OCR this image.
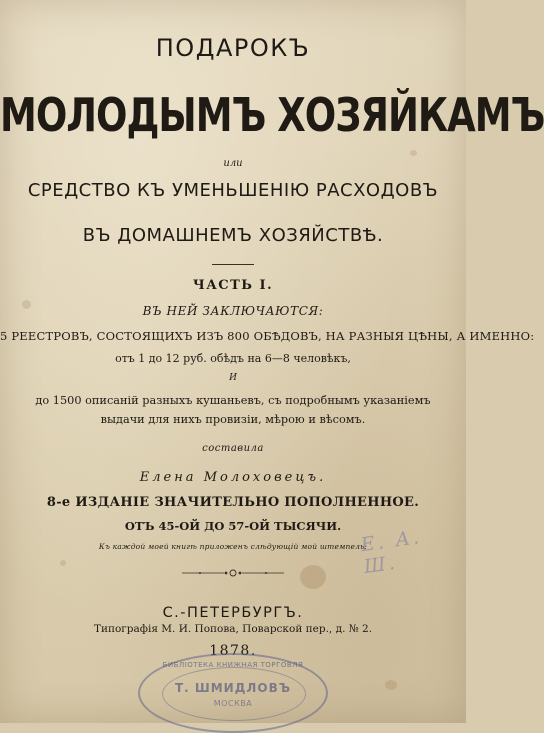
ПОДАРОКЪ
МОЛОДЫМЪ ХОЗЯЙКАМЪ
или
СРЕДСТВО КЪ УМЕНЬШЕНІЮ РАСХОДОВЪ
ВЪ ДОМАШНЕМЪ ХОЗЯЙСТВѢ.
ЧАСТЬ I.
ВЪ НЕЙ ЗАКЛЮЧАЮТСЯ:
5 РЕЕСТРОВЪ, СОСТОЯЩИХЪ ИЗЪ 800 ОБѢДОВЪ, НА РАЗНЫЯ ЦѢНЫ, А ИМЕННО:
отъ 1 до 12 руб. обѣдъ на 6—8 человѣкъ,
И
до 1500 описаній разныхъ кушаньевъ, съ подробнымъ указаніемъ
выдачи для нихъ провизіи, мѣрою и вѣсомъ.
составила
Елена Молоховецъ.
8-е ИЗДАНІЕ ЗНАЧИТЕЛЬНО ПОПОЛНЕННОЕ.
ОТЪ 45-ОЙ ДО 57-ОЙ ТЫСЯЧИ.
Къ каждой моей книгѣ приложенъ слѣдующій мой штемпель:
Е. А. Ш.
С.-ПЕТЕРБУРГЪ.
Типографія М. И. Попова, Поварской пер., д. № 2.
1878.
БИБЛІОТЕКА КНИЖНАЯ ТОРГОВЛЯ
Т. ШМИДЛОВЪ
МОСКВА
